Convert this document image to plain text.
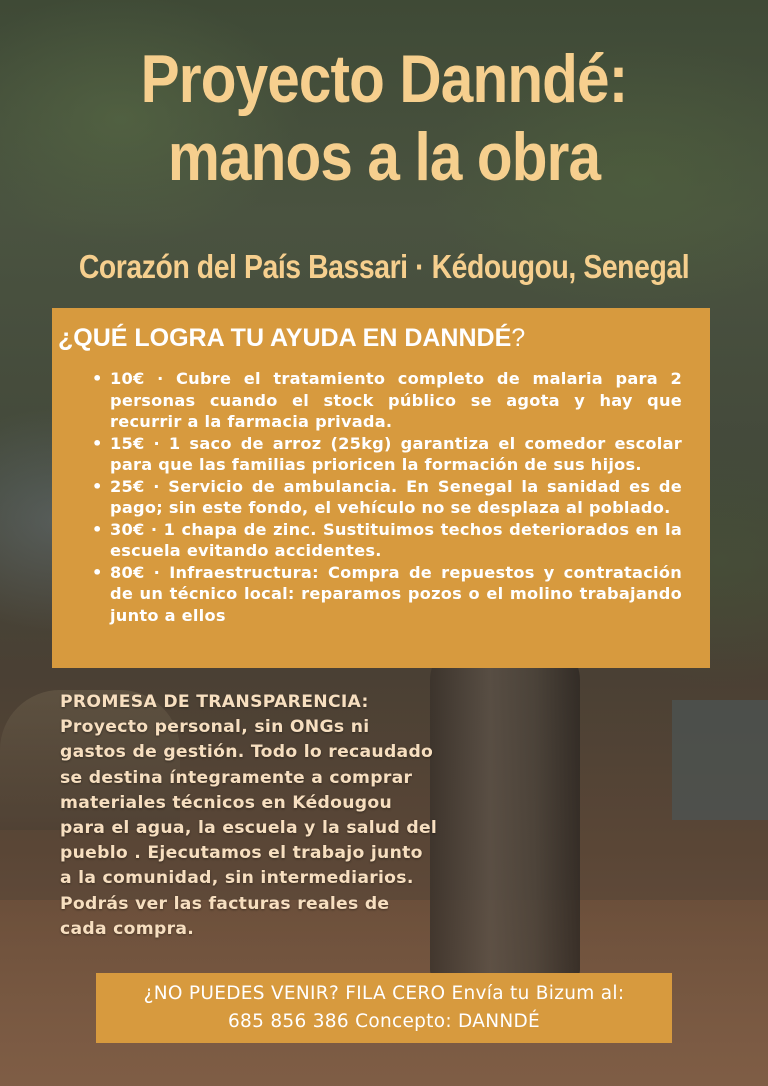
Proyecto Danndé:
manos a la obra
Corazón del País Bassari · Kédougou, Senegal
¿QUÉ LOGRA TU AYUDA EN DANNDÉ?
• 10€ · Cubre el tratamiento completo de malaria para 2 personas cuando el stock público se agota y hay que recurrir a la farmacia privada.
• 15€ · 1 saco de arroz (25kg) garantiza el comedor escolar para que las familias prioricen la formación de sus hijos.
• 25€ · Servicio de ambulancia. En Senegal la sanidad es de pago; sin este fondo, el vehículo no se desplaza al poblado.
• 30€ · 1 chapa de zinc. Sustituimos techos deteriorados en la escuela evitando accidentes.
• 80€ · Infraestructura: Compra de repuestos y contratación de un técnico local: reparamos pozos o el molino trabajando junto a ellos
PROMESA DE TRANSPARENCIA:
Proyecto personal, sin ONGs ni gastos de gestión. Todo lo recaudado se destina íntegramente a comprar materiales técnicos en Kédougou para el agua, la escuela y la salud del pueblo . Ejecutamos el trabajo junto a la comunidad, sin intermediarios. Podrás ver las facturas reales de cada compra.
¿NO PUEDES VENIR? FILA CERO Envía tu Bizum al:
685 856 386 Concepto: DANNDÉ
